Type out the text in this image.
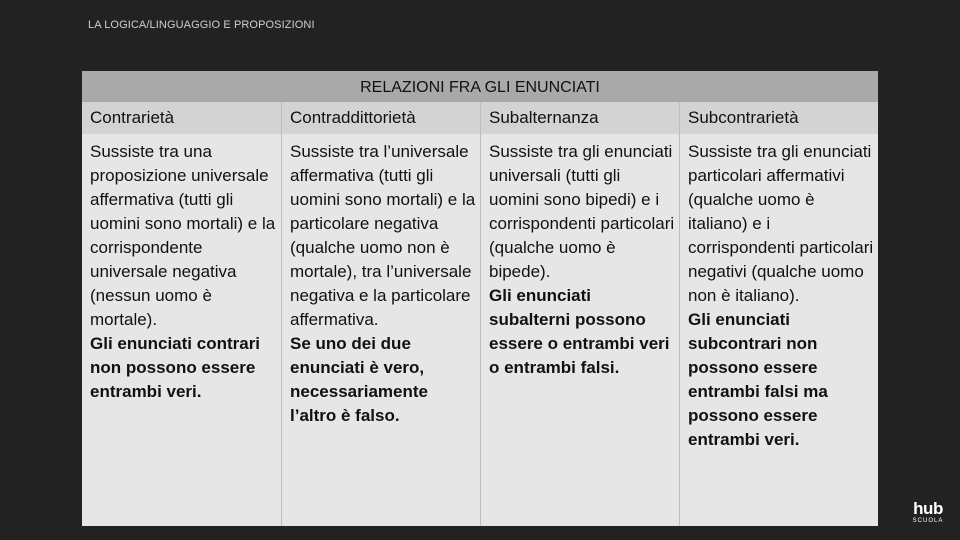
LA LOGICA/LINGUAGGIO E PROPOSIZIONI
RELAZIONI FRA GLI ENUNCIATI
Contrarietà
Sussiste tra una proposizione universale affermativa (tutti gli uomini sono mortali) e la corrispondente universale negativa (nessun uomo è mortale).
Gli enunciati contrari non possono essere entrambi veri.
Contraddittorietà
Sussiste tra l’universale affermativa (tutti gli uomini sono mortali) e la particolare negativa (qualche uomo non è mortale), tra l’universale negativa e la particolare affermativa.
Se uno dei due enunciati è vero, necessariamente l’altro è falso.
Subalternanza
Sussiste tra gli enunciati universali (tutti gli uomini sono bipedi) e i corrispondenti particolari (qualche uomo è bipede).
Gli enunciati subalterni possono essere o entrambi veri o entrambi falsi.
Subcontrarietà
Sussiste tra gli enunciati particolari affermativi (qualche uomo è italiano) e i corrispondenti particolari negativi (qualche uomo non è italiano).
Gli enunciati subcontrari non possono essere entrambi falsi ma possono essere entrambi veri.
hub
SCUOLA
